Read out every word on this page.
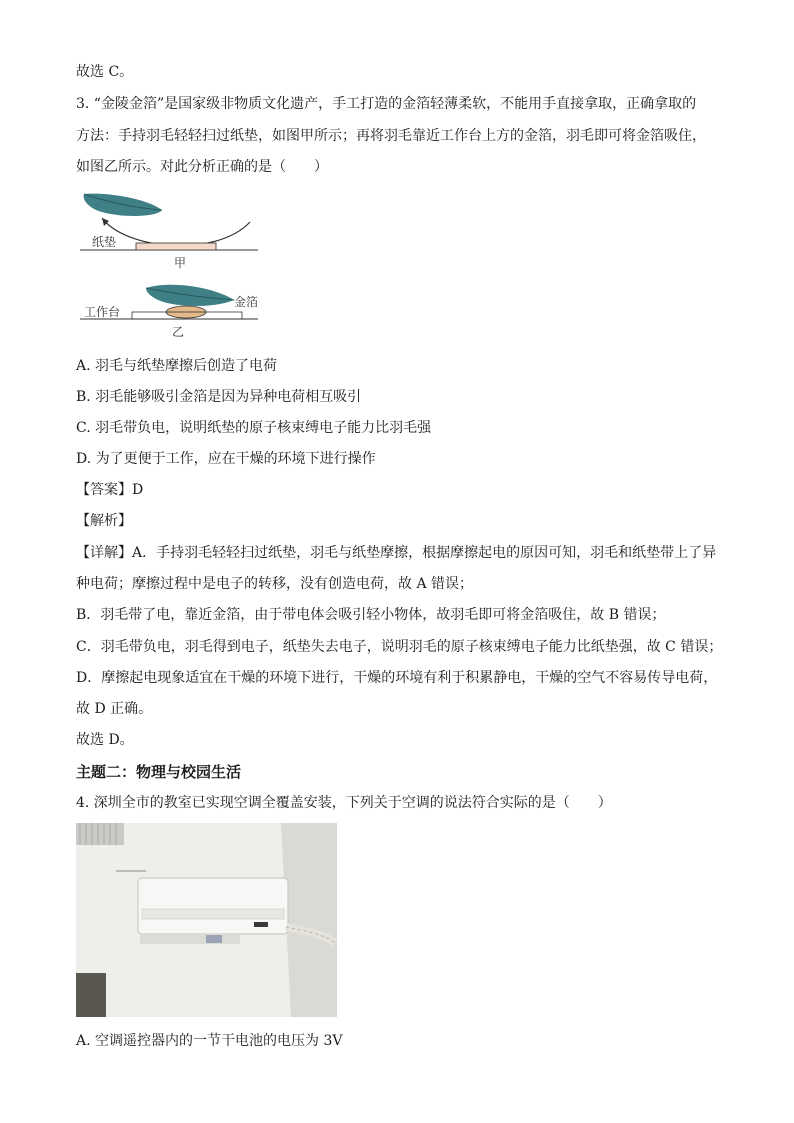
故选 C。
3. “金陵金箔”是国家级非物质文化遗产，手工打造的金箔轻薄柔软，不能用手直接拿取，正确拿取的
方法：手持羽毛轻轻扫过纸垫，如图甲所示；再将羽毛靠近工作台上方的金箔，羽毛即可将金箔吸住，
如图乙所示。对此分析正确的是（　　）
纸垫
甲
工作台
金箔
乙
A. 羽毛与纸垫摩擦后创造了电荷
B. 羽毛能够吸引金箔是因为异种电荷相互吸引
C. 羽毛带负电，说明纸垫的原子核束缚电子能力比羽毛强
D. 为了更便于工作，应在干燥的环境下进行操作
【答案】D
【解析】
【详解】A．手持羽毛轻轻扫过纸垫，羽毛与纸垫摩擦，根据摩擦起电的原因可知，羽毛和纸垫带上了异
种电荷；摩擦过程中是电子的转移，没有创造电荷，故 A 错误；
B．羽毛带了电，靠近金箔，由于带电体会吸引轻小物体，故羽毛即可将金箔吸住，故 B 错误；
C．羽毛带负电，羽毛得到电子，纸垫失去电子，说明羽毛的原子核束缚电子能力比纸垫强，故 C 错误；
D．摩擦起电现象适宜在干燥的环境下进行，干燥的环境有利于积累静电，干燥的空气不容易传导电荷，
故 D 正确。
故选 D。
主题二：物理与校园生活
4. 深圳全市的教室已实现空调全覆盖安装，下列关于空调的说法符合实际的是（　　）
A. 空调遥控器内的一节干电池的电压为 3V
